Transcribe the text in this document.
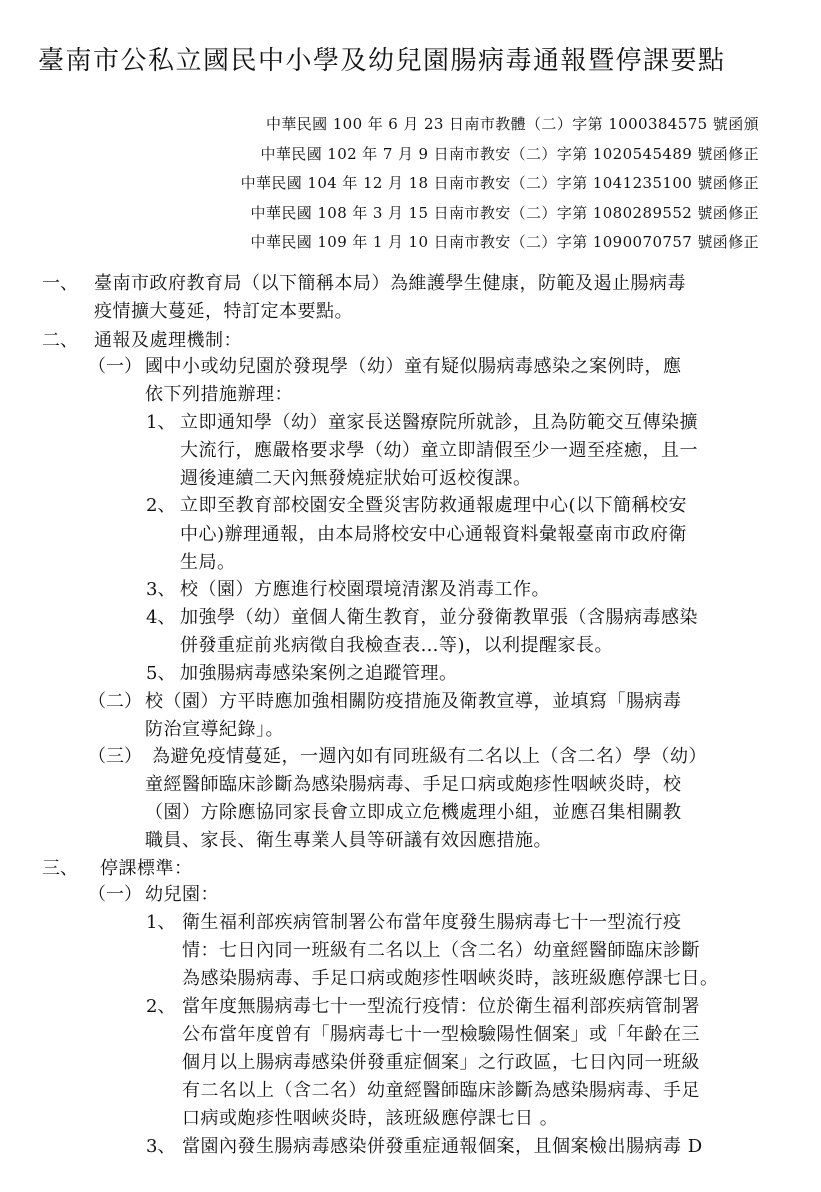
臺南市公私立國民中小學及幼兒園腸病毒通報暨停課要點
中華民國 100 年 6 月 23 日南市教體（二）字第 1000384575 號函頒
中華民國 102 年 7 月 9 日南市教安（二）字第 1020545489 號函修正
中華民國 104 年 12 月 18 日南市教安（二）字第 1041235100 號函修正
中華民國 108 年 3 月 15 日南市教安（二）字第 1080289552 號函修正
中華民國 109 年 1 月 10 日南市教安（二）字第 1090070757 號函修正
一、 臺南市政府教育局（以下簡稱本局）為維護學生健康，防範及遏止腸病毒
疫情擴大蔓延，特訂定本要點。
二、 通報及處理機制：
（一） 國中小或幼兒園於發現學（幼）童有疑似腸病毒感染之案例時，應
依下列措施辦理：
1、 立即通知學（幼）童家長送醫療院所就診，且為防範交互傳染擴
大流行，應嚴格要求學（幼）童立即請假至少一週至痊癒，且一
週後連續二天內無發燒症狀始可返校復課。
2、 立即至教育部校園安全暨災害防救通報處理中心(以下簡稱校安
中心)辦理通報，由本局將校安中心通報資料彙報臺南市政府衛
生局。
3、 校（園）方應進行校園環境清潔及消毒工作。
4、 加強學（幼）童個人衛生教育，並分發衛教單張（含腸病毒感染
併發重症前兆病徵自我檢查表…等)，以利提醒家長。
5、 加強腸病毒感染案例之追蹤管理。
（二） 校（園）方平時應加強相關防疫措施及衛教宣導，並填寫「腸病毒
防治宣導紀錄」。
（三） 為避免疫情蔓延，一週內如有同班級有二名以上（含二名）學（幼）
童經醫師臨床診斷為感染腸病毒、手足口病或皰疹性咽峽炎時，校
（園）方除應協同家長會立即成立危機處理小組，並應召集相關教
職員、家長、衛生專業人員等研議有效因應措施。
三、 停課標準：
（一） 幼兒園：
1、 衛生福利部疾病管制署公布當年度發生腸病毒七十一型流行疫
情：七日內同一班級有二名以上（含二名）幼童經醫師臨床診斷
為感染腸病毒、手足口病或皰疹性咽峽炎時，該班級應停課七日。
2、 當年度無腸病毒七十一型流行疫情：位於衛生福利部疾病管制署
公布當年度曾有「腸病毒七十一型檢驗陽性個案」或「年齡在三
個月以上腸病毒感染併發重症個案」之行政區，七日內同一班級
有二名以上（含二名）幼童經醫師臨床診斷為感染腸病毒、手足
口病或皰疹性咽峽炎時，該班級應停課七日 。
3、 當園內發生腸病毒感染併發重症通報個案，且個案檢出腸病毒 D
